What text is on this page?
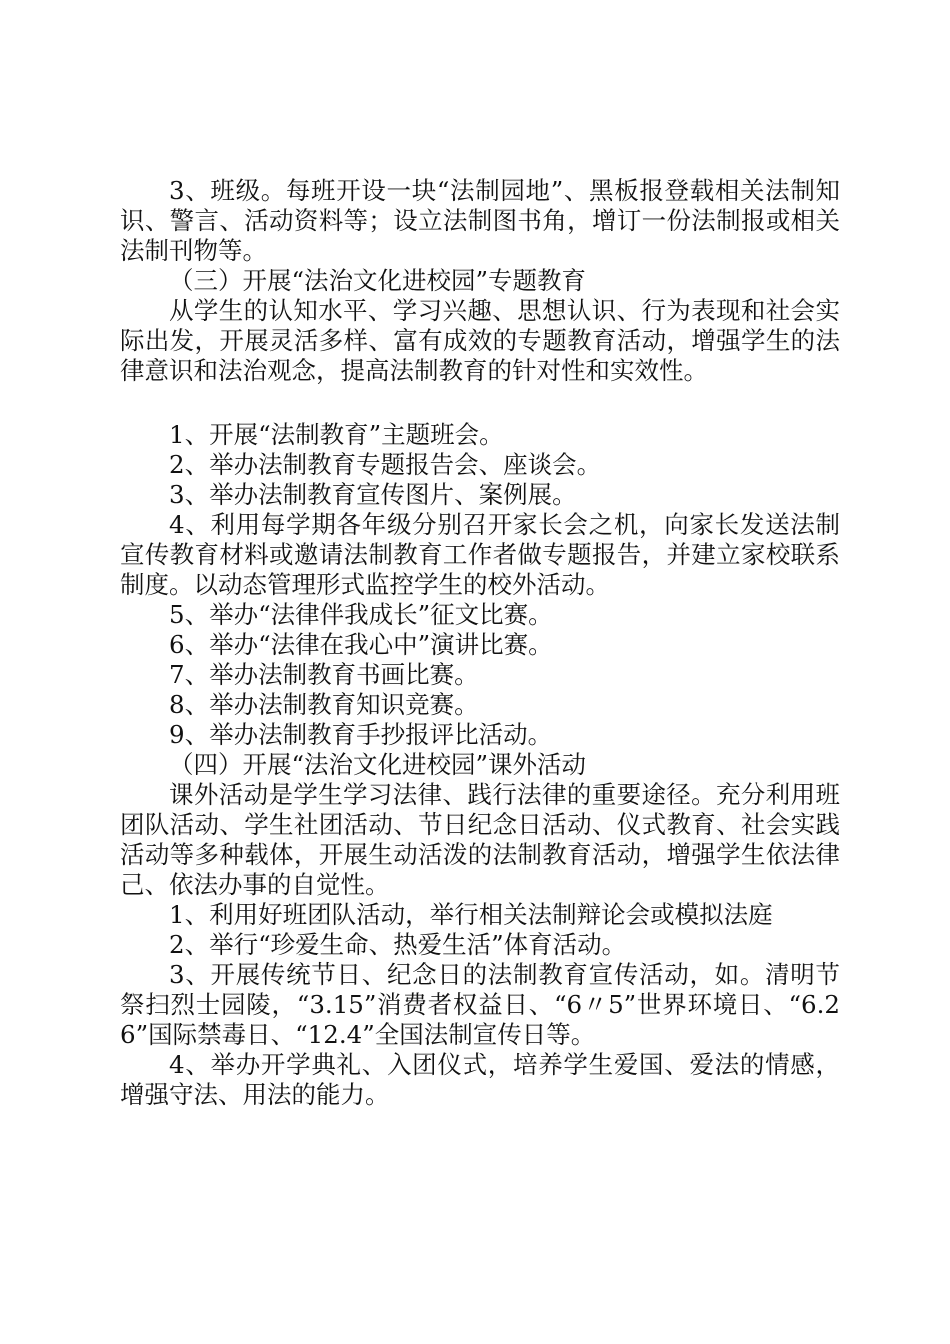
3、班级。每班开设一块“法制园地”、黑板报登载相关法制知识、警言、活动资料等；设立法制图书角，增订一份法制报或相关法制刊物等。

（三）开展“法治文化进校园”专题教育

从学生的认知水平、学习兴趣、思想认识、行为表现和社会实际出发，开展灵活多样、富有成效的专题教育活动，增强学生的法律意识和法治观念，提高法制教育的针对性和实效性。

1、开展“法制教育”主题班会。

2、举办法制教育专题报告会、座谈会。

3、举办法制教育宣传图片、案例展。

4、利用每学期各年级分别召开家长会之机，向家长发送法制宣传教育材料或邀请法制教育工作者做专题报告，并建立家校联系制度。以动态管理形式监控学生的校外活动。

5、举办“法律伴我成长”征文比赛。

6、举办“法律在我心中”演讲比赛。

7、举办法制教育书画比赛。

8、举办法制教育知识竞赛。

9、举办法制教育手抄报评比活动。

（四）开展“法治文化进校园”课外活动

课外活动是学生学习法律、践行法律的重要途径。充分利用班团队活动、学生社团活动、节日纪念日活动、仪式教育、社会实践活动等多种载体，开展生动活泼的法制教育活动，增强学生依法律己、依法办事的自觉性。

1、利用好班团队活动，举行相关法制辩论会或模拟法庭

2、举行“珍爱生命、热爱生活”体育活动。

3、开展传统节日、纪念日的法制教育宣传活动，如。清明节祭扫烈士园陵，“3.15”消费者权益日、“6〃5”世界环境日、“6.26”国际禁毒日、“12.4”全国法制宣传日等。

4、举办开学典礼、入团仪式，培养学生爱国、爱法的情感，增强守法、用法的能力。
